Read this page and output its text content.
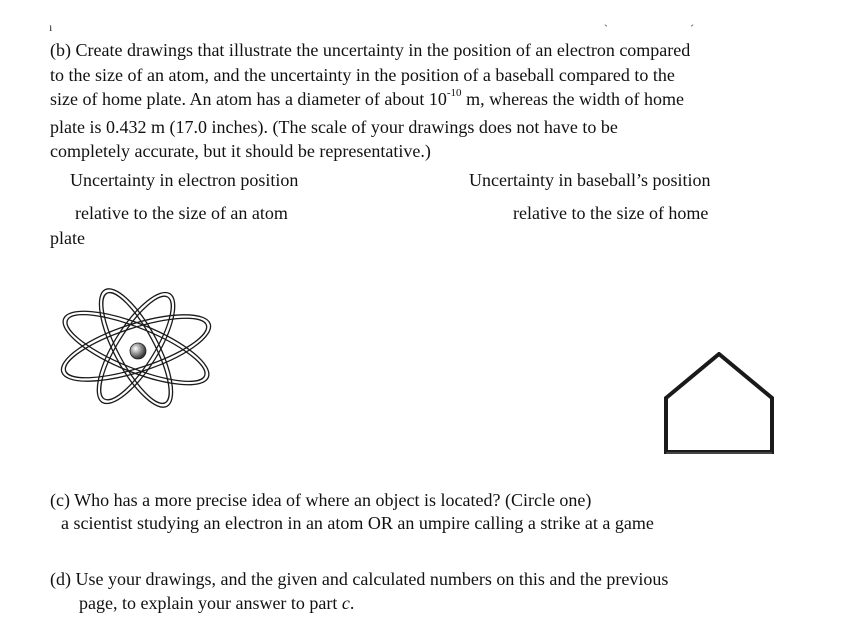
ı	ˋ	ˊ
(b) Create drawings that illustrate the uncertainty in the position of an electron compared
to the size of an atom, and the uncertainty in the position of a baseball compared to the
size of home plate. An atom has a diameter of about $10^{-10}$ m, whereas the width of home
plate is 0.432 m (17.0 inches). (The scale of your drawings does not have to be
completely accurate, but it should be representative.)
Uncertainty in electron position
relative to the size of an atom
Uncertainty in baseball’s position
relative to the size of home
plate
(c) Who has a more precise idea of where an object is located? (Circle one)
a scientist studying an electron in an atom OR an umpire calling a strike at a game
(d) Use your drawings, and the given and calculated numbers on this and the previous
page, to explain your answer to part c.
